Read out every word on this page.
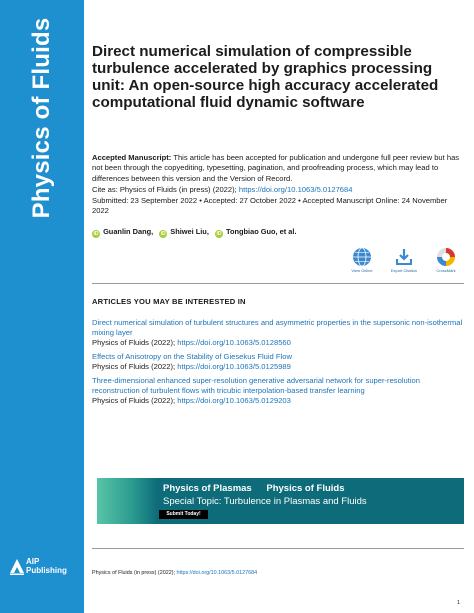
Physics of Fluids
AIP
Publishing
Direct numerical simulation of compressible turbulence accelerated by graphics processing unit: An open-source high accuracy accelerated computational fluid dynamic software
Accepted Manuscript: This article has been accepted for publication and undergone full peer review but has not been through the copyediting, typesetting, pagination, and proofreading process, which may lead to differences between this version and the Version of Record.
Cite as: Physics of Fluids (in press) (2022); https://doi.org/10.1063/5.0127684
Submitted: 23 September 2022 • Accepted: 27 October 2022 • Accepted Manuscript Online: 24 November 2022
iD Guanlin Dang, iD Shiwei Liu, iD Tongbiao Guo, et al.
View Online	Export Citation	CrossMark
ARTICLES YOU MAY BE INTERESTED IN
Direct numerical simulation of turbulent structures and asymmetric properties in the supersonic non-isothermal mixing layer
Physics of Fluids (2022); https://doi.org/10.1063/5.0128560
Effects of Anisotropy on the Stability of Giesekus Fluid Flow
Physics of Fluids (2022); https://doi.org/10.1063/5.0125989
Three-dimensional enhanced super-resolution generative adversarial network for super-resolution reconstruction of turbulent flows with tricubic interpolation-based transfer learning
Physics of Fluids (2022); https://doi.org/10.1063/5.0129203
Physics of Plasmas Physics of Fluids
Special Topic: Turbulence in Plasmas and Fluids
Submit Today!
Physics of Fluids (in press) (2022); https://doi.org/10.1063/5.0127684
1
